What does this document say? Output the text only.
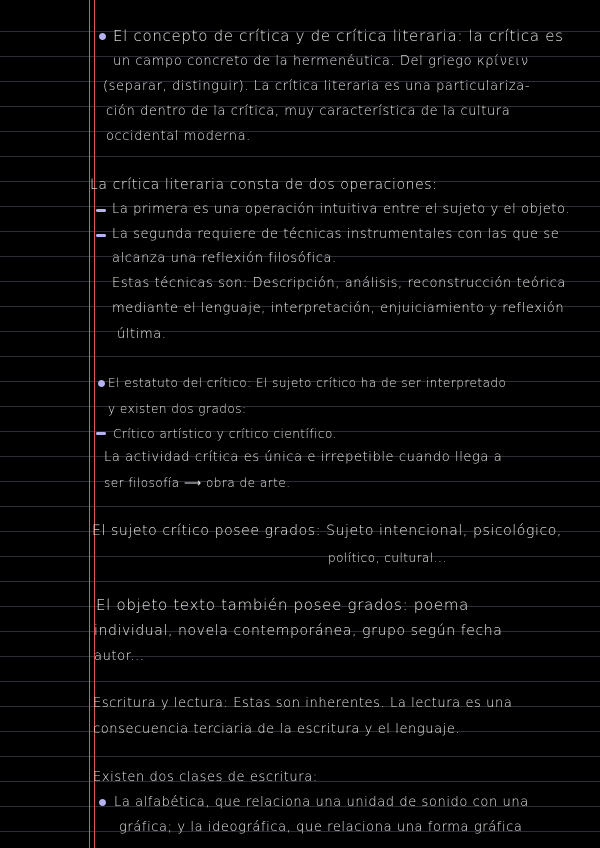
El concepto de crítica y de crítica literaria: la crítica es
un campo concreto de la hermenéutica. Del griego κρίνειν
(separar, distinguir). La crítica literaria es una particulariza-
ción dentro de la crítica, muy característica de la cultura
occidental moderna.
La crítica literaria consta de dos operaciones:
La primera es una operación intuitiva entre el sujeto y el objeto.
La segunda requiere de técnicas instrumentales con las que se
alcanza una reflexión filosófica.
Estas técnicas son: Descripción, análisis, reconstrucción teórica
mediante el lenguaje, interpretación, enjuiciamiento y reflexión
última.
El estatuto del crítico: El sujeto crítico ha de ser interpretado
y existen dos grados:
Crítico artístico y crítico científico.
La actividad crítica es única e irrepetible cuando llega a
ser filosofía ⟶ obra de arte.
El sujeto crítico posee grados: Sujeto intencional, psicológico,
político, cultural...
El objeto texto también posee grados: poema
individual, novela contemporánea, grupo según fecha
autor...
Escritura y lectura: Estas son inherentes. La lectura es una
consecuencia terciaria de la escritura y el lenguaje.
Existen dos clases de escritura:
La alfabética, que relaciona una unidad de sonido con una
gráfica; y la ideográfica, que relaciona una forma gráfica
